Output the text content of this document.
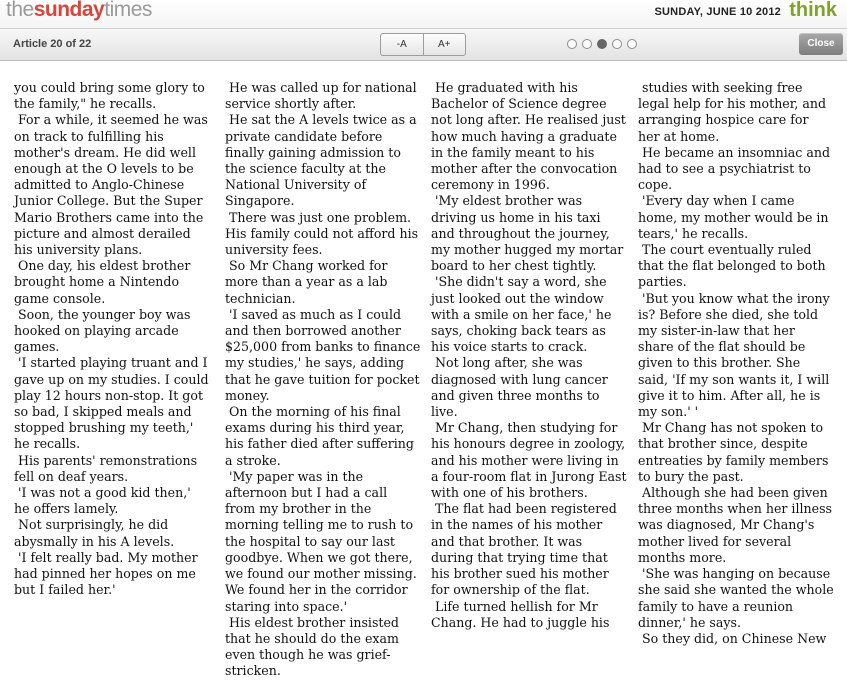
thesundaytimes	SUNDAY, JUNE 10 2012 think
Article 20 of 22	-A	A+	Close

you could bring some glory to the family," he recalls.

For a while, it seemed he was on track to fulfilling his mother's dream. He did well enough at the O levels to be admitted to Anglo-Chinese Junior College. But the Super Mario Brothers came into the picture and almost derailed his university plans.

One day, his eldest brother brought home a Nintendo game console.

Soon, the younger boy was hooked on playing arcade games.

'I started playing truant and I gave up on my studies. I could play 12 hours non-stop. It got so bad, I skipped meals and stopped brushing my teeth,' he recalls.

His parents' remonstrations fell on deaf years.

'I was not a good kid then,' he offers lamely.

Not surprisingly, he did abysmally in his A levels.

'I felt really bad. My mother had pinned her hopes on me but I failed her.'

He was called up for national service shortly after.

He sat the A levels twice as a private candidate before finally gaining admission to the science faculty at the National University of Singapore.

There was just one problem. His family could not afford his university fees.

So Mr Chang worked for more than a year as a lab technician.

'I saved as much as I could and then borrowed another $25,000 from banks to finance my studies,' he says, adding that he gave tuition for pocket money.

On the morning of his final exams during his third year, his father died after suffering a stroke.

'My paper was in the afternoon but I had a call from my brother in the morning telling me to rush to the hospital to say our last goodbye. When we got there, we found our mother missing. We found her in the corridor staring into space.'

His eldest brother insisted that he should do the exam even though he was grief-stricken.

He graduated with his Bachelor of Science degree not long after. He realised just how much having a graduate in the family meant to his mother after the convocation ceremony in 1996.

'My eldest brother was driving us home in his taxi and throughout the journey, my mother hugged my mortar board to her chest tightly.

'She didn't say a word, she just looked out the window with a smile on her face,' he says, choking back tears as his voice starts to crack.

Not long after, she was diagnosed with lung cancer and given three months to live.

Mr Chang, then studying for his honours degree in zoology, and his mother were living in a four-room flat in Jurong East with one of his brothers.

The flat had been registered in the names of his mother and that brother. It was during that trying time that his brother sued his mother for ownership of the flat.

Life turned hellish for Mr Chang. He had to juggle his

studies with seeking free legal help for his mother, and arranging hospice care for her at home.

He became an insomniac and had to see a psychiatrist to cope.

'Every day when I came home, my mother would be in tears,' he recalls.

The court eventually ruled that the flat belonged to both parties.

'But you know what the irony is? Before she died, she told my sister-in-law that her share of the flat should be given to this brother. She said, 'If my son wants it, I will give it to him. After all, he is my son.' '

Mr Chang has not spoken to that brother since, despite entreaties by family members to bury the past.

Although she had been given three months when her illness was diagnosed, Mr Chang's mother lived for several months more.

'She was hanging on because she said she wanted the whole family to have a reunion dinner,' he says.

So they did, on Chinese New
